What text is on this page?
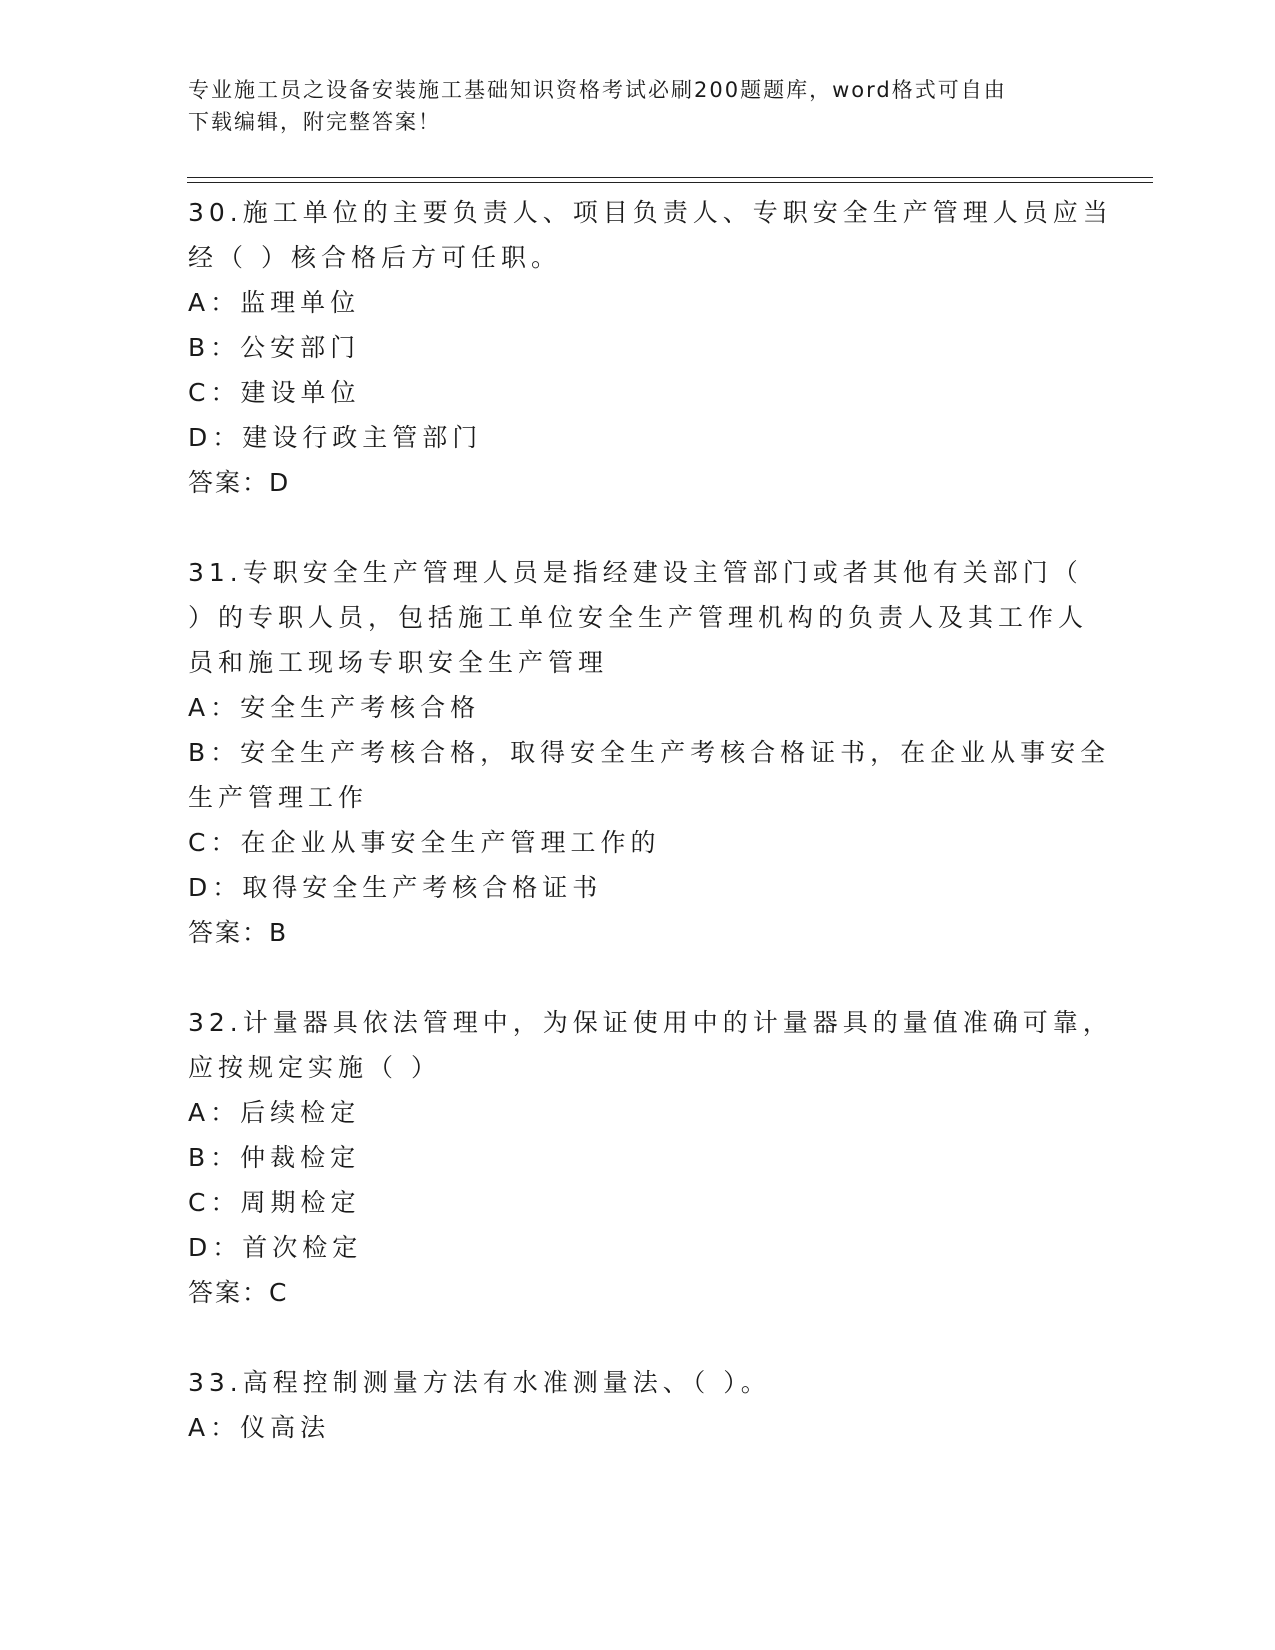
专业施工员之设备安装施工基础知识资格考试必刷200题题库，word格式可自由
下载编辑，附完整答案！
30.施工单位的主要负责人、项目负责人、专职安全生产管理人员应当
经（ ）核合格后方可任职。
A：监理单位
B：公安部门
C：建设单位
D：建设行政主管部门
答案：D
31.专职安全生产管理人员是指经建设主管部门或者其他有关部门（
）的专职人员，包括施工单位安全生产管理机构的负责人及其工作人
员和施工现场专职安全生产管理
A：安全生产考核合格
B：安全生产考核合格，取得安全生产考核合格证书，在企业从事安全
生产管理工作
C：在企业从事安全生产管理工作的
D：取得安全生产考核合格证书
答案：B
32.计量器具依法管理中，为保证使用中的计量器具的量值准确可靠，
应按规定实施（ ）
A：后续检定
B：仲裁检定
C：周期检定
D：首次检定
答案：C
33.高程控制测量方法有水准测量法、（ ）。
A：仪高法
